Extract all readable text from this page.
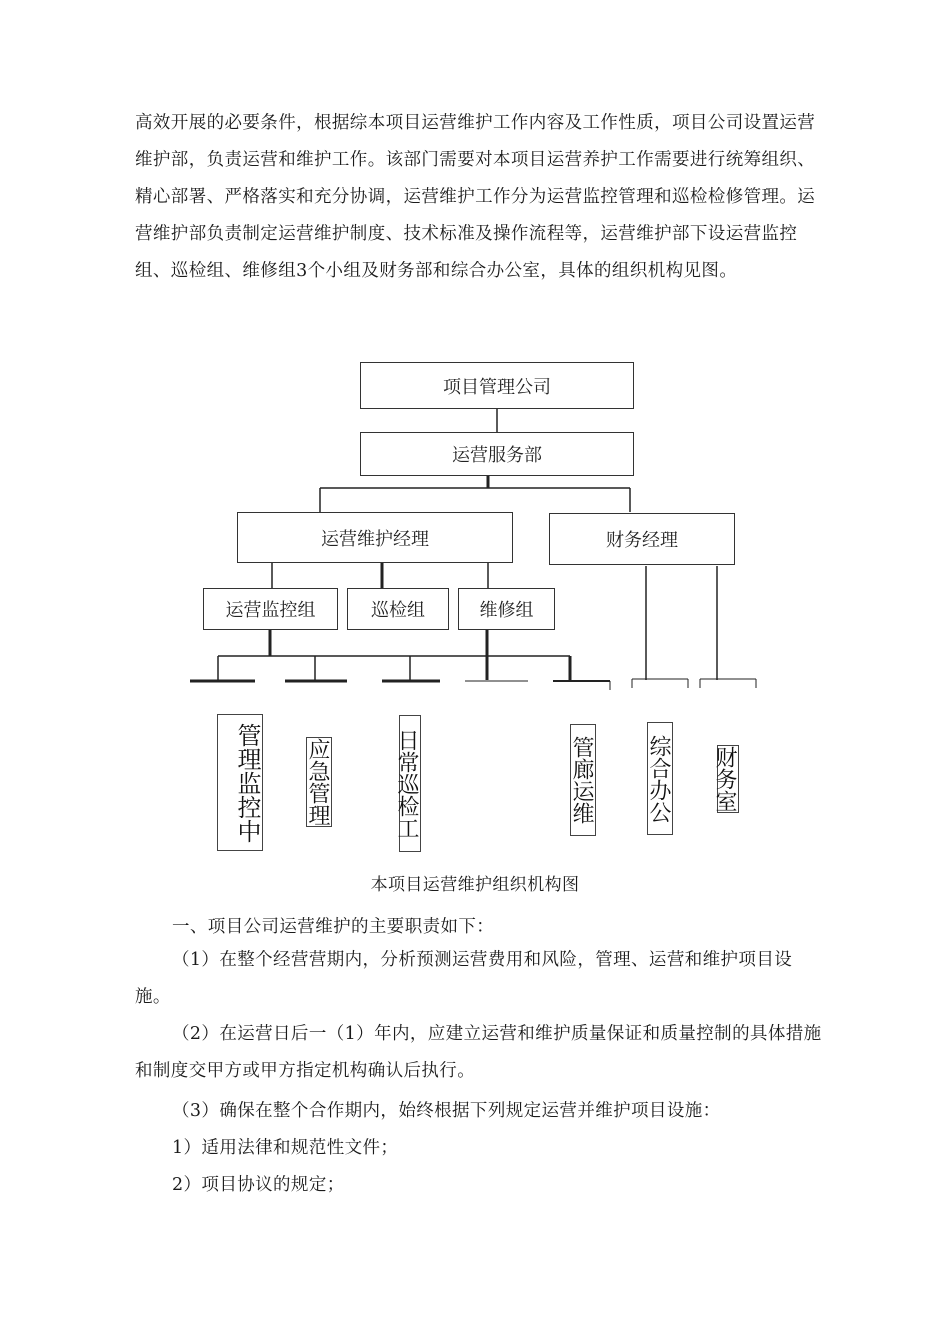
高效开展的必要条件，根据综本项目运营维护工作内容及工作性质，项目公司设置运营维护部，负责运营和维护工作。该部门需要对本项目运营养护工作需要进行统筹组织、精心部署、严格落实和充分协调，运营维护工作分为运营监控管理和巡检检修管理。运营维护部负责制定运营维护制度、技术标准及操作流程等，运营维护部下设运营监控组、巡检组、维修组3个小组及财务部和综合办公室，具体的组织机构见图。

项目管理公司
运营服务部
运营维护经理	财务经理
运营监控组	巡检组	维修组
管理监控中 应急管理	日常巡检工	管廊运维 综合办公 财务室
本项目运营维护组织机构图
一、项目公司运营维护的主要职责如下：

（1）在整个经营营期内，分析预测运营费用和风险，管理、运营和维护项目设施。

（2）在运营日后一（1）年内，应建立运营和维护质量保证和质量控制的具体措施和制度交甲方或甲方指定机构确认后执行。

（3）确保在整个合作期内，始终根据下列规定运营并维护项目设施：
1）适用法律和规范性文件；
2）项目协议的规定；
